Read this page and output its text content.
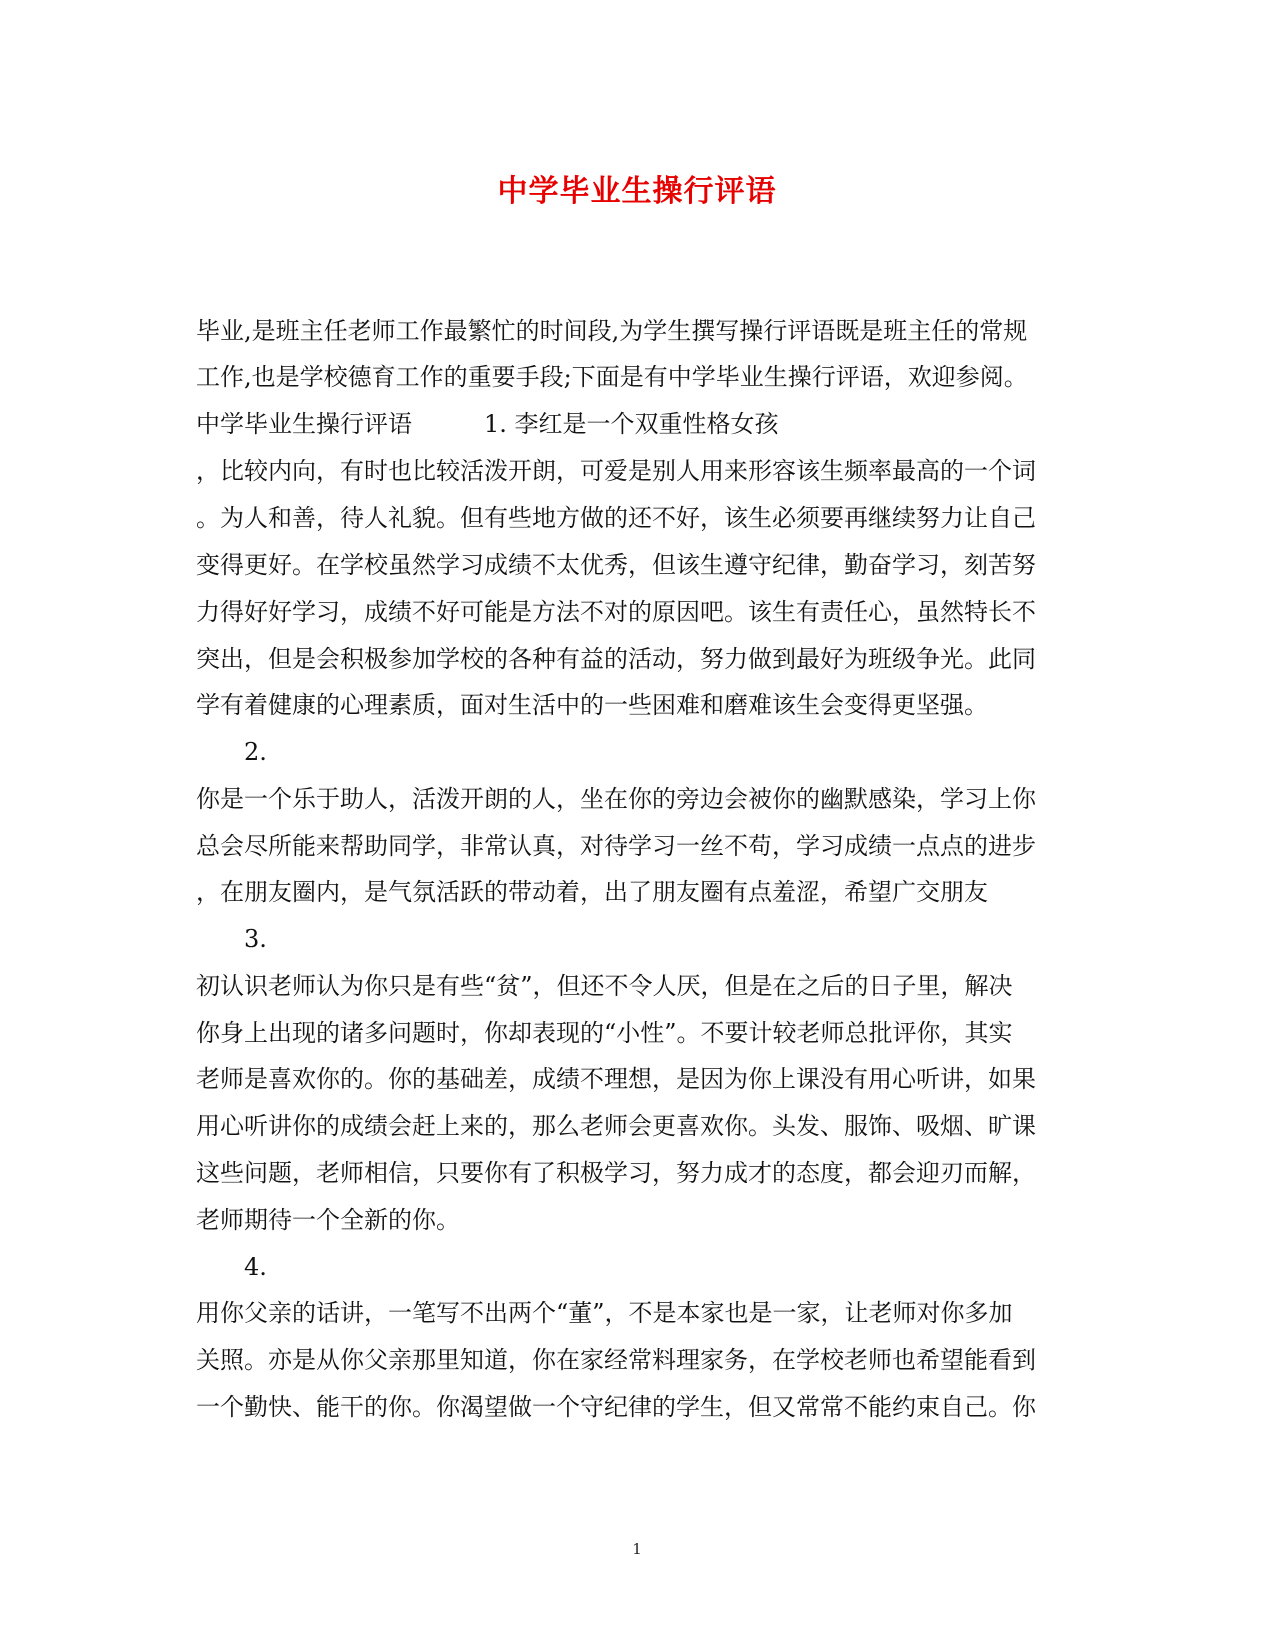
中学毕业生操行评语
毕业,是班主任老师工作最繁忙的时间段,为学生撰写操行评语既是班主任的常规
工作,也是学校德育工作的重要手段;下面是有中学毕业生操行评语，欢迎参阅。
中学毕业生操行评语　　　1. 李红是一个双重性格女孩
，比较内向，有时也比较活泼开朗，可爱是别人用来形容该生频率最高的一个词
。为人和善，待人礼貌。但有些地方做的还不好，该生必须要再继续努力让自己
变得更好。在学校虽然学习成绩不太优秀，但该生遵守纪律，勤奋学习，刻苦努
力得好好学习，成绩不好可能是方法不对的原因吧。该生有责任心，虽然特长不
突出，但是会积极参加学校的各种有益的活动，努力做到最好为班级争光。此同
学有着健康的心理素质，面对生活中的一些困难和磨难该生会变得更坚强。
2.
你是一个乐于助人，活泼开朗的人，坐在你的旁边会被你的幽默感染，学习上你
总会尽所能来帮助同学，非常认真，对待学习一丝不苟，学习成绩一点点的进步
，在朋友圈内，是气氛活跃的带动着，出了朋友圈有点羞涩，希望广交朋友
3.
初认识老师认为你只是有些“贫”，但还不令人厌，但是在之后的日子里，解决
你身上出现的诸多问题时，你却表现的“小性”。不要计较老师总批评你，其实
老师是喜欢你的。你的基础差，成绩不理想，是因为你上课没有用心听讲，如果
用心听讲你的成绩会赶上来的，那么老师会更喜欢你。头发、服饰、吸烟、旷课
这些问题，老师相信，只要你有了积极学习，努力成才的态度，都会迎刃而解，
老师期待一个全新的你。
4.
用你父亲的话讲，一笔写不出两个“董”，不是本家也是一家，让老师对你多加
关照。亦是从你父亲那里知道，你在家经常料理家务，在学校老师也希望能看到
一个勤快、能干的你。你渴望做一个守纪律的学生，但又常常不能约束自己。你
1
